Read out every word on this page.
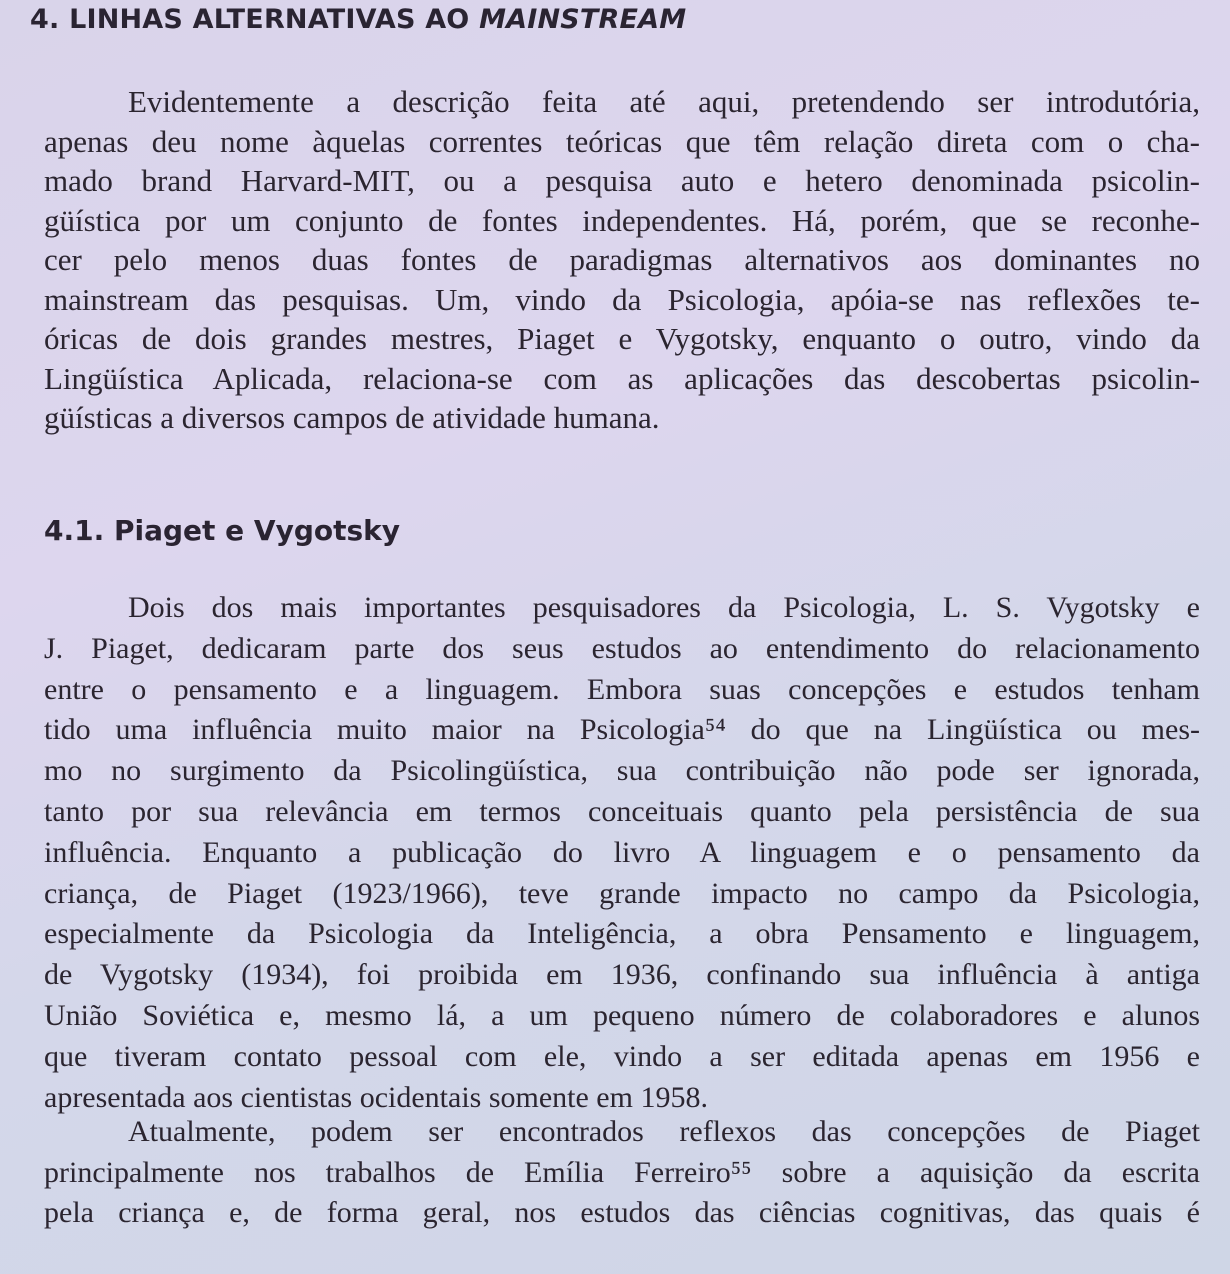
4. LINHAS ALTERNATIVAS AO MAINSTREAM
Evidentemente a descrição feita até aqui, pretendendo ser introdutória,
apenas deu nome àquelas correntes teóricas que têm relação direta com o cha-
mado brand Harvard-MIT, ou a pesquisa auto e hetero denominada psicolin-
güística por um conjunto de fontes independentes. Há, porém, que se reconhe-
cer pelo menos duas fontes de paradigmas alternativos aos dominantes no
mainstream das pesquisas. Um, vindo da Psicologia, apóia-se nas reflexões te-
óricas de dois grandes mestres, Piaget e Vygotsky, enquanto o outro, vindo da
Lingüística Aplicada, relaciona-se com as aplicações das descobertas psicolin-
güísticas a diversos campos de atividade humana.
4.1. Piaget e Vygotsky
Dois dos mais importantes pesquisadores da Psicologia, L. S. Vygotsky e
J. Piaget, dedicaram parte dos seus estudos ao entendimento do relacionamento
entre o pensamento e a linguagem. Embora suas concepções e estudos tenham
tido uma influência muito maior na Psicologia⁵⁴ do que na Lingüística ou mes-
mo no surgimento da Psicolingüística, sua contribuição não pode ser ignorada,
tanto por sua relevância em termos conceituais quanto pela persistência de sua
influência. Enquanto a publicação do livro A linguagem e o pensamento da
criança, de Piaget (1923/1966), teve grande impacto no campo da Psicologia,
especialmente da Psicologia da Inteligência, a obra Pensamento e linguagem,
de Vygotsky (1934), foi proibida em 1936, confinando sua influência à antiga
União Soviética e, mesmo lá, a um pequeno número de colaboradores e alunos
que tiveram contato pessoal com ele, vindo a ser editada apenas em 1956 e
apresentada aos cientistas ocidentais somente em 1958.
Atualmente, podem ser encontrados reflexos das concepções de Piaget
principalmente nos trabalhos de Emília Ferreiro⁵⁵ sobre a aquisição da escrita
pela criança e, de forma geral, nos estudos das ciências cognitivas, das quais é
